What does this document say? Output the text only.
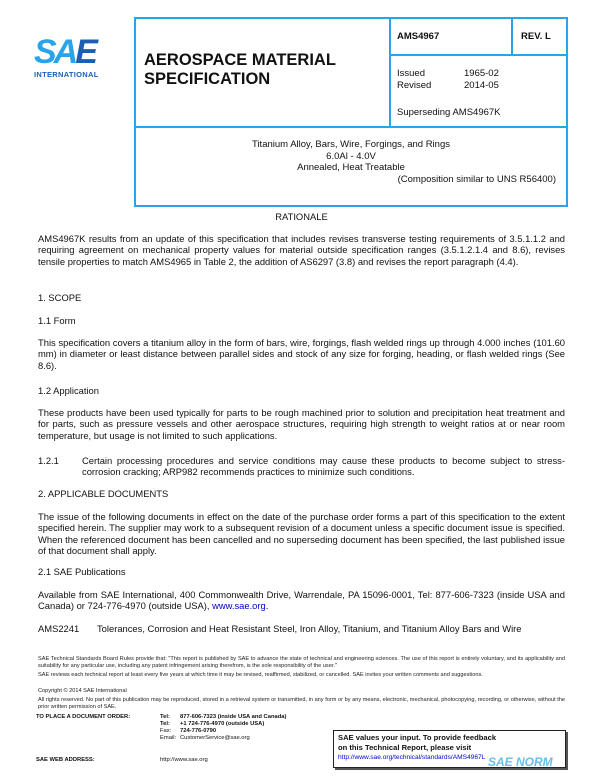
SAE
INTERNATIONAL
AEROSPACE MATERIAL
SPECIFICATION
AMS4967	REV. L
Issued	1965-02
Revised	2014-05
Superseding AMS4967K
Titanium Alloy, Bars, Wire, Forgings, and Rings
6.0Al - 4.0V
Annealed, Heat Treatable
(Composition similar to UNS R56400)
RATIONALE
AMS4967K results from an update of this specification that includes revises transverse testing requirements of 3.5.1.1.2 and requiring agreement on mechanical property values for material outside specification ranges (3.5.1.2.1.4 and 8.6), revises tensile properties to match AMS4965 in Table 2, the addition of AS6297 (3.8) and revises the report paragraph (4.4).
1. SCOPE
1.1 Form
This specification covers a titanium alloy in the form of bars, wire, forgings, flash welded rings up through 4.000 inches (101.60 mm) in diameter or least distance between parallel sides and stock of any size for forging, heading, or flash welded rings (See 8.6).
1.2 Application
These products have been used typically for parts to be rough machined prior to solution and precipitation heat treatment and for parts, such as pressure vessels and other aerospace structures, requiring high strength to weight ratios at or near room temperature, but usage is not limited to such applications.
1.2.1	Certain processing procedures and service conditions may cause these products to become subject to stress-corrosion cracking; ARP982 recommends practices to minimize such conditions.
2. APPLICABLE DOCUMENTS
The issue of the following documents in effect on the date of the purchase order forms a part of this specification to the extent specified herein. The supplier may work to a subsequent revision of a document unless a specific document issue is specified. When the referenced document has been cancelled and no superseding document has been specified, the last published issue of that document shall apply.
2.1 SAE Publications
Available from SAE International, 400 Commonwealth Drive, Warrendale, PA 15096-0001, Tel: 877-606-7323 (inside USA and Canada) or 724-776-4970 (outside USA), www.sae.org.
AMS2241	Tolerances, Corrosion and Heat Resistant Steel, Iron Alloy, Titanium, and Titanium Alloy Bars and Wire
SAE Technical Standards Board Rules provide that: "This report is published by SAE to advance the state of technical and engineering sciences. The use of this report is entirely voluntary, and its applicability and suitability for any particular use, including any patent infringement arising therefrom, is the sole responsibility of the user."
SAE reviews each technical report at least every five years at which time it may be revised, reaffirmed, stabilized, or cancelled. SAE invites your written comments and suggestions.
Copyright © 2014 SAE International
All rights reserved. No part of this publication may be reproduced, stored in a retrieval system or transmitted, in any form or by any means, electronic, mechanical, photocopying, recording, or otherwise, without the prior written permission of SAE.
TO PLACE A DOCUMENT ORDER:	Tel: 877-606-7323 (inside USA and Canada)
Tel: +1 724-776-4970 (outside USA)
Fax: 724-776-0790
Email: CustomerService@sae.org
SAE WEB ADDRESS:	http://www.sae.org
SAE values your input. To provide feedback
on this Technical Report, please visit
http://www.sae.org/technical/standards/AMS4967L SAE NORM
